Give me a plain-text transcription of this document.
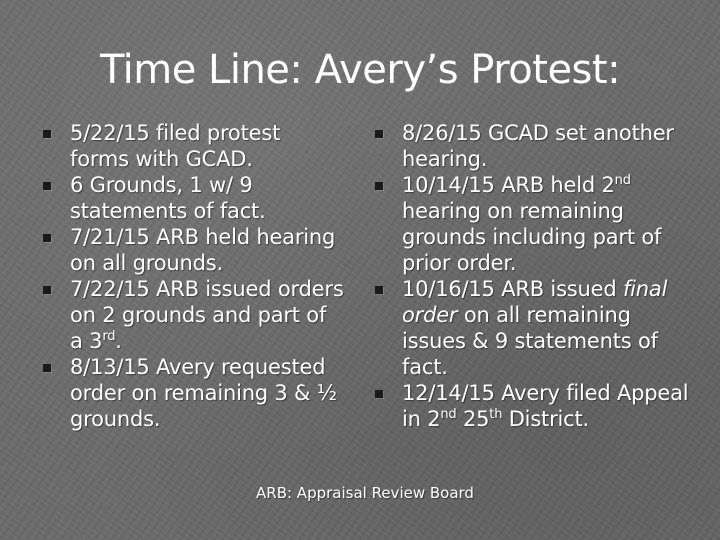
Time Line: Avery’s Protest:
5/22/15 filed protest forms with GCAD.
6 Grounds, 1 w/ 9 statements of fact.
7/21/15 ARB held hearing on all grounds.
7/22/15 ARB issued orders on 2 grounds and part of a 3rd.
8/13/15 Avery requested order on remaining 3 & ½ grounds.
8/26/15 GCAD set another hearing.
10/14/15 ARB held 2nd hearing on remaining grounds including part of prior order.
10/16/15 ARB issued final order on all remaining issues & 9 statements of fact.
12/14/15 Avery filed Appeal in 2nd 25th District.
ARB: Appraisal Review Board
